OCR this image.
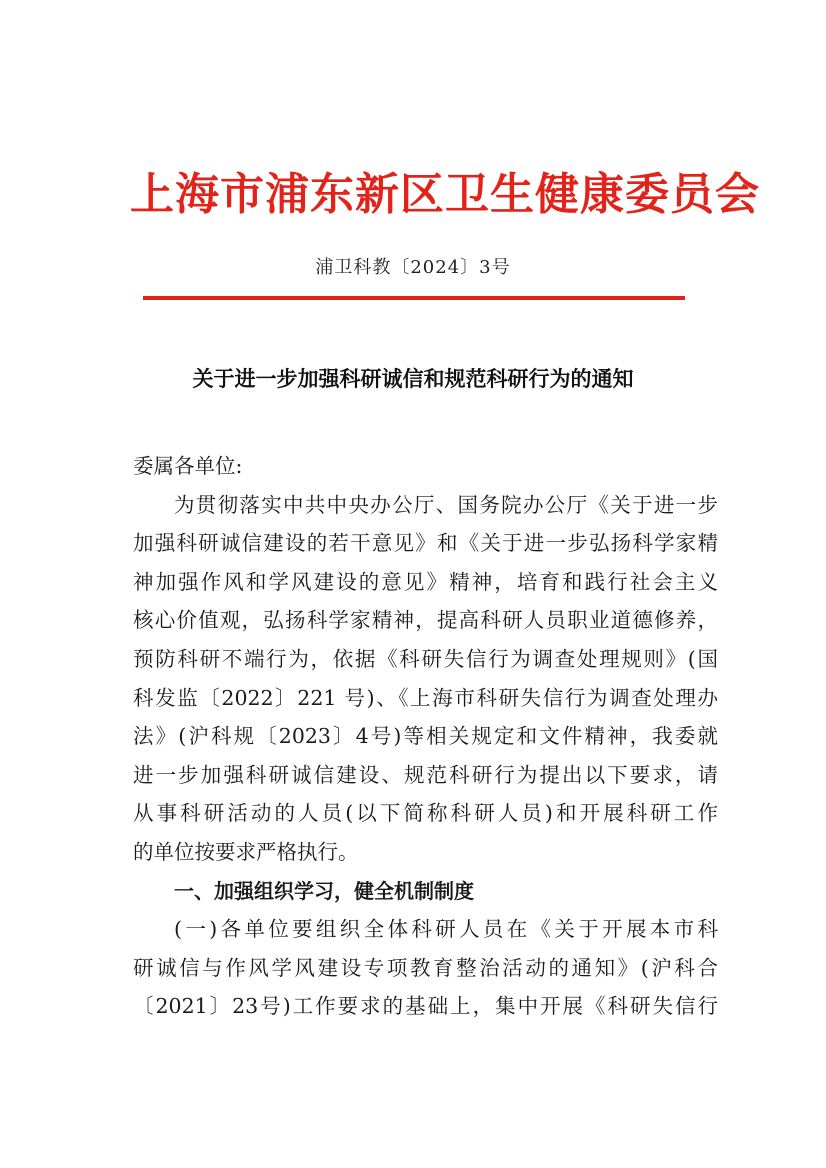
上海市浦东新区卫生健康委员会
浦卫科教〔2024〕3号
关于进一步加强科研诚信和规范科研行为的通知
委属各单位:
为贯彻落实中共中央办公厅、国务院办公厅《关于进一步
加强科研诚信建设的若干意见》和《关于进一步弘扬科学家精
神加强作风和学风建设的意见》精神，培育和践行社会主义
核心价值观，弘扬科学家精神，提高科研人员职业道德修养，
预防科研不端行为，依据《科研失信行为调查处理规则》(国
科发监〔2022〕221 号)、《上海市科研失信行为调查处理办
法》(沪科规〔2023〕4号)等相关规定和文件精神，我委就
进一步加强科研诚信建设、规范科研行为提出以下要求，请
从事科研活动的人员(以下简称科研人员)和开展科研工作
的单位按要求严格执行。
一、加强组织学习，健全机制制度
(一)各单位要组织全体科研人员在《关于开展本市科
研诚信与作风学风建设专项教育整治活动的通知》(沪科合
〔2021〕23号)工作要求的基础上，集中开展《科研失信行
